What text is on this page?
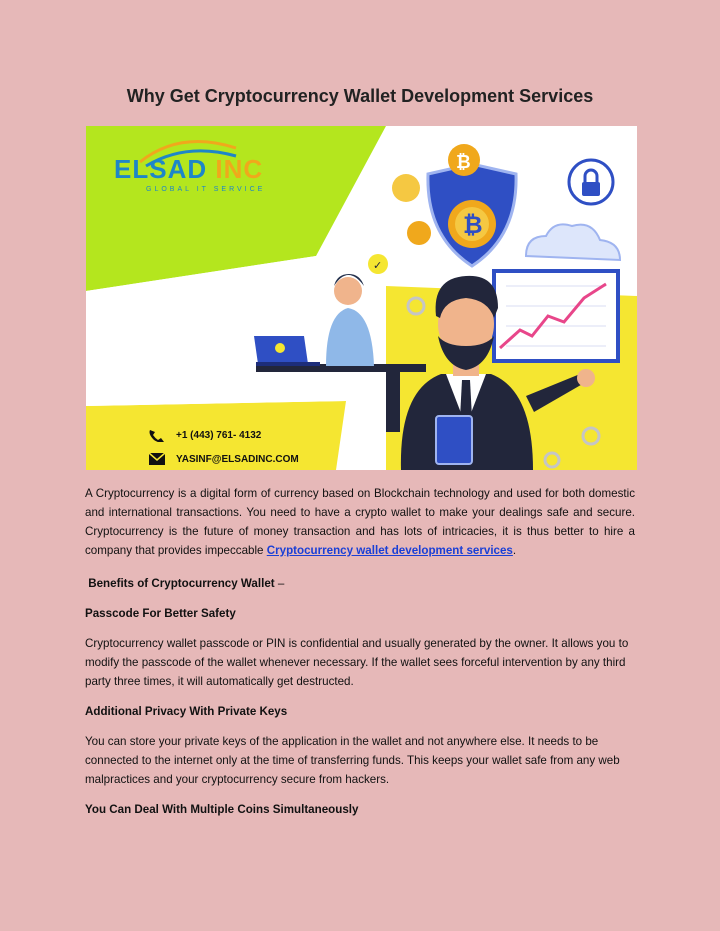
Why Get Cryptocurrency Wallet Development Services
✓
₿
₿
ELSAD INC
GLOBAL IT SERVICE
+1 (443) 761- 4132
YASINF@ELSADINC.COM

A Cryptocurrency is a digital form of currency based on Blockchain technology and used for both domestic and international transactions. You need to have a crypto wallet to make your dealings safe and secure. Cryptocurrency is the future of money transaction and has lots of intricacies, it is thus better to hire a company that provides impeccable Cryptocurrency wallet development services.

Benefits of Cryptocurrency Wallet –

Passcode For Better Safety

Cryptocurrency wallet passcode or PIN is confidential and usually generated by the owner. It allows you to modify the passcode of the wallet whenever necessary. If the wallet sees forceful intervention by any third party three times, it will automatically get destructed.

Additional Privacy With Private Keys

You can store your private keys of the application in the wallet and not anywhere else. It needs to be connected to the internet only at the time of transferring funds. This keeps your wallet safe from any web malpractices and your cryptocurrency secure from hackers.

You Can Deal With Multiple Coins Simultaneously
